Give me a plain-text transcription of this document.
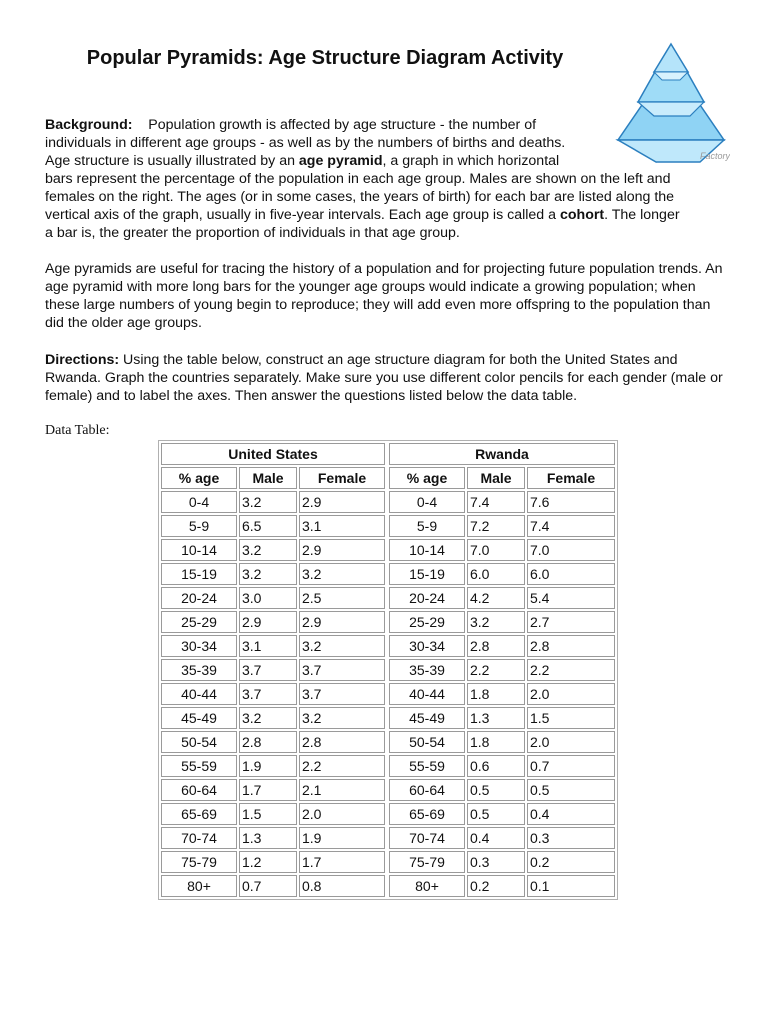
Popular Pyramids: Age Structure Diagram Activity
Factory
Background: Population growth is affected by age structure - the number of
individuals in different age groups - as well as by the numbers of births and deaths.
Age structure is usually illustrated by an age pyramid, a graph in which horizontal
bars represent the percentage of the population in each age group. Males are shown on the left and
females on the right. The ages (or in some cases, the years of birth) for each bar are listed along the
vertical axis of the graph, usually in five-year intervals. Each age group is called a cohort. The longer
a bar is, the greater the proportion of individuals in that age group.

Age pyramids are useful for tracing the history of a population and for projecting future population trends. An age pyramid with more long bars for the younger age groups would indicate a growing population; when these large numbers of young begin to reproduce; they will add even more offspring to the population than did the older age groups.

Directions: Using the table below, construct an age structure diagram for both the United States and Rwanda. Graph the countries separately. Make sure you use different color pencils for each gender (male or female) and to label the axes. Then answer the questions listed below the data table.

Data Table:
United States				Rwanda		
% age	Male	Female		% age	Male	Female
0-4	3.2	2.9		0-4	7.4	7.6
5-9	6.5	3.1		5-9	7.2	7.4
10-14	3.2	2.9		10-14	7.0	7.0
15-19	3.2	3.2		15-19	6.0	6.0
20-24	3.0	2.5		20-24	4.2	5.4
25-29	2.9	2.9		25-29	3.2	2.7
30-34	3.1	3.2		30-34	2.8	2.8
35-39	3.7	3.7		35-39	2.2	2.2
40-44	3.7	3.7		40-44	1.8	2.0
45-49	3.2	3.2		45-49	1.3	1.5
50-54	2.8	2.8		50-54	1.8	2.0
55-59	1.9	2.2		55-59	0.6	0.7
60-64	1.7	2.1		60-64	0.5	0.5
65-69	1.5	2.0		65-69	0.5	0.4
70-74	1.3	1.9		70-74	0.4	0.3
75-79	1.2	1.7		75-79	0.3	0.2
80+	0.7	0.8		80+	0.2	0.1
